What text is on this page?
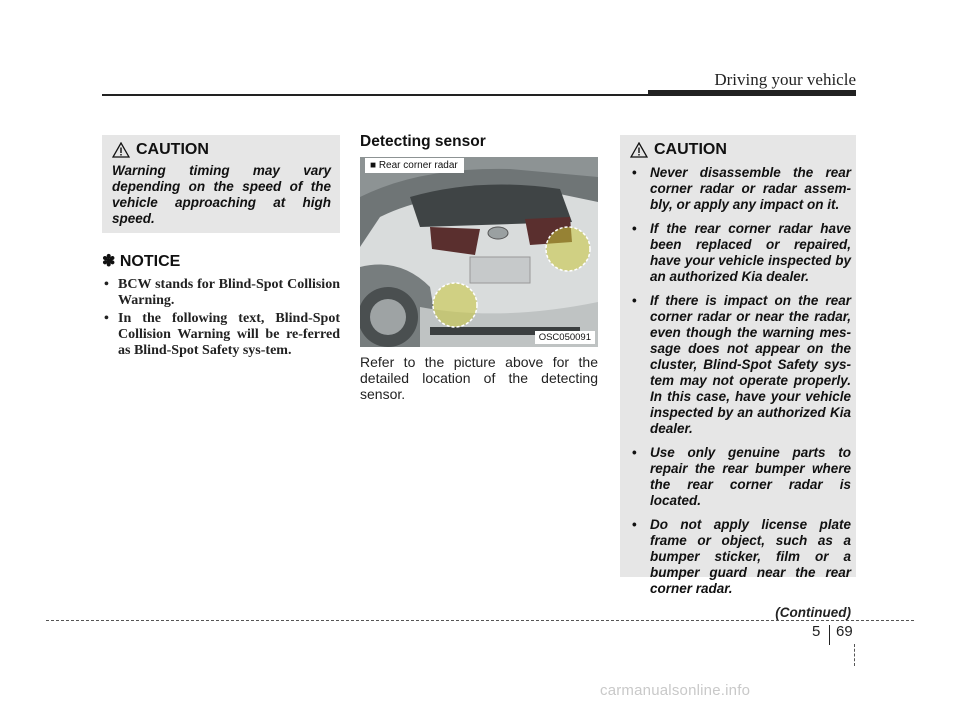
Driving your vehicle
CAUTION
Warning timing may vary depending on the speed of the vehicle approaching at high speed.
✽ NOTICE
• BCW stands for Blind-Spot Collision Warning.
• In the following text, Blind-Spot Collision Warning will be re-ferred as Blind-Spot Safety sys-tem.
Detecting sensor
■ Rear corner radar
OSC050091
Refer to the picture above for the detailed location of the detecting sensor.
CAUTION
• Never disassemble the rear corner radar or radar assem-bly, or apply any impact on it.
• If the rear corner radar have been replaced or repaired, have your vehicle inspected by an authorized Kia dealer.
• If there is impact on the rear corner radar or near the radar, even though the warning mes-sage does not appear on the cluster, Blind-Spot Safety sys-tem may not operate properly. In this case, have your vehicle inspected by an authorized Kia dealer.
• Use only genuine parts to repair the rear bumper where the rear corner radar is located.
• Do not apply license plate frame or object, such as a bumper sticker, film or a bumper guard near the rear corner radar.
(Continued)
5 69
carmanualsonline.info
